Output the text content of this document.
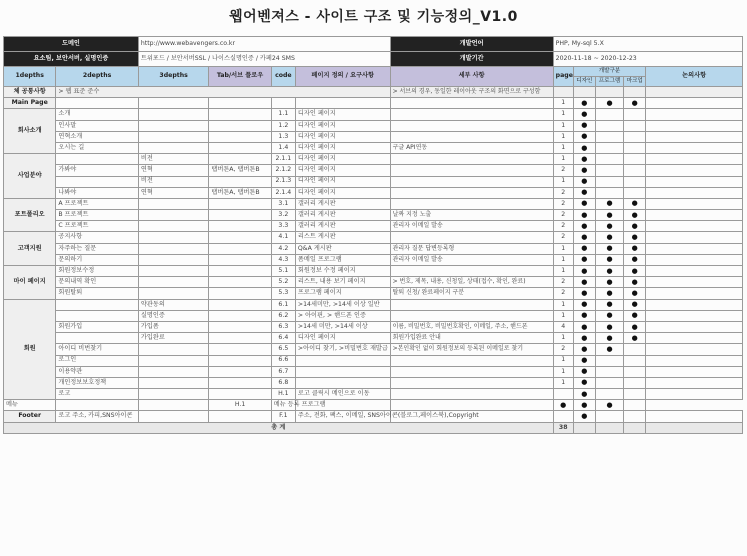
웹어벤져스 - 사이트 구조 및 기능정의_V1.0
도메인		http://www.webavengers.co.kr				개발언어	PHP, My-sql 5.X				
요소팀, 보안서버, 실명인증		트위포드 / 보안서버SSL / 나이스실명인증 / 카페24 SMS				개발기간	2020-11-18 ~ 2020-12-23				
1depths	2depths	3depths	Tab/서브 플로우	code	페이지 정의 / 요구사항	세부 사항	page	개발구분			논의사항
								디자인	프로그램	마크업	
체 공통사항	> 웹 표준 준수					> 서브의 경우, 동일한 레이아웃 구조의 화면으로 구성함					
Main Page							1	●	●	●	
회사소개	소개			1.1	디자인 페이지		1	●			
	인사말			1.2	디자인 페이지		1	●			
	연혁소개			1.3	디자인 페이지		1	●			
	오시는 길			1.4	디자인 페이지	구글 API연동	1	●			
사업분야		비전		2.1.1	디자인 페이지		1	●			
	가봐야	연혁	탭버튼A, 탭버튼B	2.1.2	디자인 페이지		2	●			
		비전		2.1.3	디자인 페이지		1	●			
	나봐야	연혁	탭버튼A, 탭버튼B	2.1.4	디자인 페이지		2	●			
포트폴리오	A 프로젝트			3.1	갤러리 게시판		2	●	●	●	
	B 프로젝트			3.2	갤러리 게시판	날짜 지정 노출	2	●	●	●	
	C 프로젝트			3.3	갤러리 게시판	관리자 이메일 발송	2	●	●	●	
고객지원	공지사항			4.1	리스트 게시판		2	●	●	●	
	자주하는 질문			4.2	Q&A 게시판	관리자 질문 답변등록형	1	●	●	●	
	문의하기			4.3	폼메일 프로그램	관리자 이메일 발송	1	●	●	●	
마이 페이지	회원정보수정			5.1	회원정보 수정 페이지		1	●	●	●	
	문의내역 확인			5.2	리스트, 내용 보기 페이지	> 번호, 제목, 내용, 신청일, 상태(접수, 확인, 완료)	2	●	●	●	
	회원탈퇴			5.3	프로그램 페이지	탈퇴 신청/ 완료페이지 구분	2	●	●	●	
회원		약관동의		6.1	>14세미만, >14세 이상 일반		1	●	●	●	
		실명인증		6.2	> 아이핀, > 핸드폰 인증		1	●	●	●	
	회원가입	가입폼		6.3	>14세 미만, >14세 이상	이름, 비밀번호, 비밀번호확인, 이메일, 주소, 핸드폰	4	●	●	●	
		가입완료		6.4	디자인 페이지	회원가입완료 안내	1	●	●	●	
	아이디 비번찾기			6.5	>아이디 찾기, >비밀번호 재발급	>본인확인 없이 회원정보의 등록된 이메일로 찾기	2	●	●		
	로그인			6.6			1	●			
	이용약관			6.7			1	●			
	개인정보보호정책			6.8			1	●			
	로고			H.1	로고 클릭시 메인으로 이동			●			
메뉴			H.1	메뉴 등록 프로그램			●	●	●		
Footer	로고 주소, 카피,SNS아이콘			F.1	주소, 전화, 팩스, 이메일, SNS아이콘(블로그,페이스북),Copyright			●			
총 계							38				
